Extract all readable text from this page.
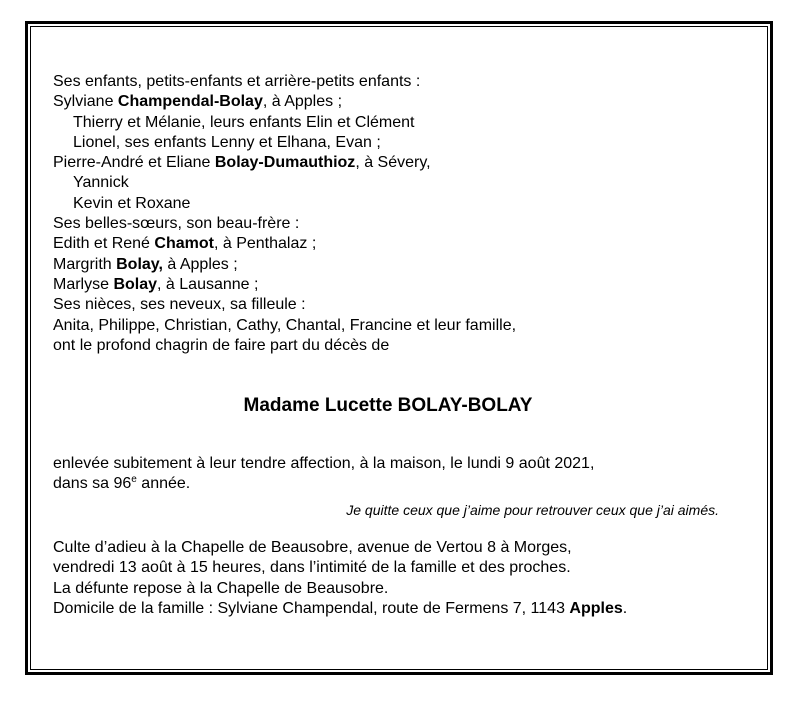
Ses enfants, petits-enfants et arrière-petits enfants :
Sylviane Champendal-Bolay, à Apples ;
Thierry et Mélanie, leurs enfants Elin et Clément
Lionel, ses enfants Lenny et Elhana, Evan ;
Pierre-André et Eliane Bolay-Dumauthioz, à Sévery,
Yannick
Kevin et Roxane
Ses belles-sœurs, son beau-frère :
Edith et René Chamot, à Penthalaz ;
Margrith Bolay, à Apples ;
Marlyse Bolay, à Lausanne ;
Ses nièces, ses neveux, sa filleule :
Anita, Philippe, Christian, Cathy, Chantal, Francine et leur famille,
ont le profond chagrin de faire part du décès de
Madame Lucette BOLAY-BOLAY
enlevée subitement à leur tendre affection, à la maison, le lundi 9 août 2021,
dans sa 96e année.
Je quitte ceux que j’aime pour retrouver ceux que j’ai aimés.
Culte d’adieu à la Chapelle de Beausobre, avenue de Vertou 8 à Morges,
vendredi 13 août à 15 heures, dans l’intimité de la famille et des proches.
La défunte repose à la Chapelle de Beausobre.
Domicile de la famille : Sylviane Champendal, route de Fermens 7, 1143 Apples.
